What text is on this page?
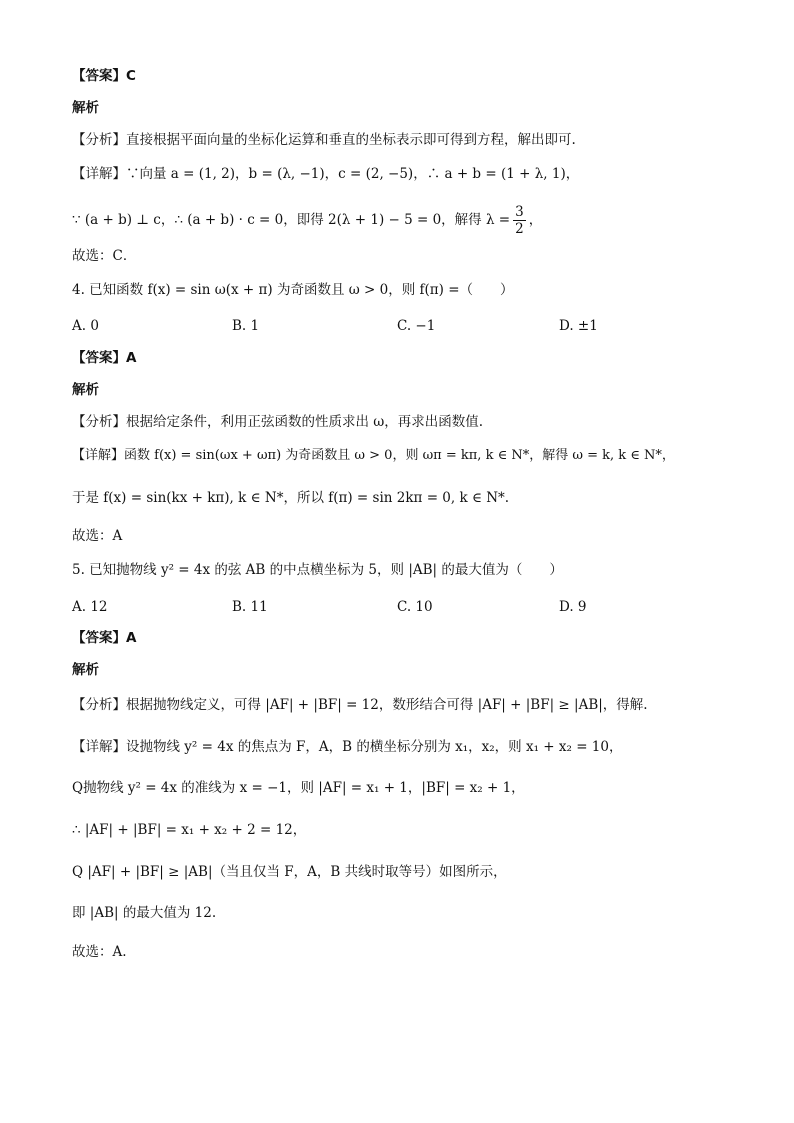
【答案】C
解析
【分析】直接根据平面向量的坐标化运算和垂直的坐标表示即可得到方程，解出即可.
【详解】∵向量 a = (1, 2)，b = (λ, −1)，c = (2, −5)，∴ a + b = (1 + λ, 1)，
∵ (a + b) ⊥ c，∴ (a + b) · c = 0，即得 2(λ + 1) − 5 = 0，解得 $\lambda = \frac{3}{2}$ ，
故选：C．
4. 已知函数 f(x) = sin ω(x + π) 为奇函数且 ω > 0，则 f(π) =（　　）
A. 0	B. 1	C. −1	D. ±1
【答案】A
解析
【分析】根据给定条件，利用正弦函数的性质求出 ω，再求出函数值.
【详解】函数 f(x) = sin(ωx + ωπ) 为奇函数且 ω > 0，则 ωπ = kπ, k ∈ N*，解得 ω = k, k ∈ N*，
于是 f(x) = sin(kx + kπ), k ∈ N*，所以 f(π) = sin 2kπ = 0, k ∈ N*.
故选：A
5. 已知抛物线 y² = 4x 的弦 AB 的中点横坐标为 5，则 |AB| 的最大值为（　　）
A. 12	B. 11	C. 10	D. 9
【答案】A
解析
【分析】根据抛物线定义，可得 |AF| + |BF| = 12，数形结合可得 |AF| + |BF| ≥ |AB|，得解.
【详解】设抛物线 y² = 4x 的焦点为 F，A，B 的横坐标分别为 x₁，x₂，则 x₁ + x₂ = 10，
Q抛物线 y² = 4x 的准线为 x = −1，则 |AF| = x₁ + 1，|BF| = x₂ + 1，
∴ |AF| + |BF| = x₁ + x₂ + 2 = 12，
Q |AF| + |BF| ≥ |AB|（当且仅当 F，A，B 共线时取等号）如图所示，
即 |AB| 的最大值为 12.
故选：A.
